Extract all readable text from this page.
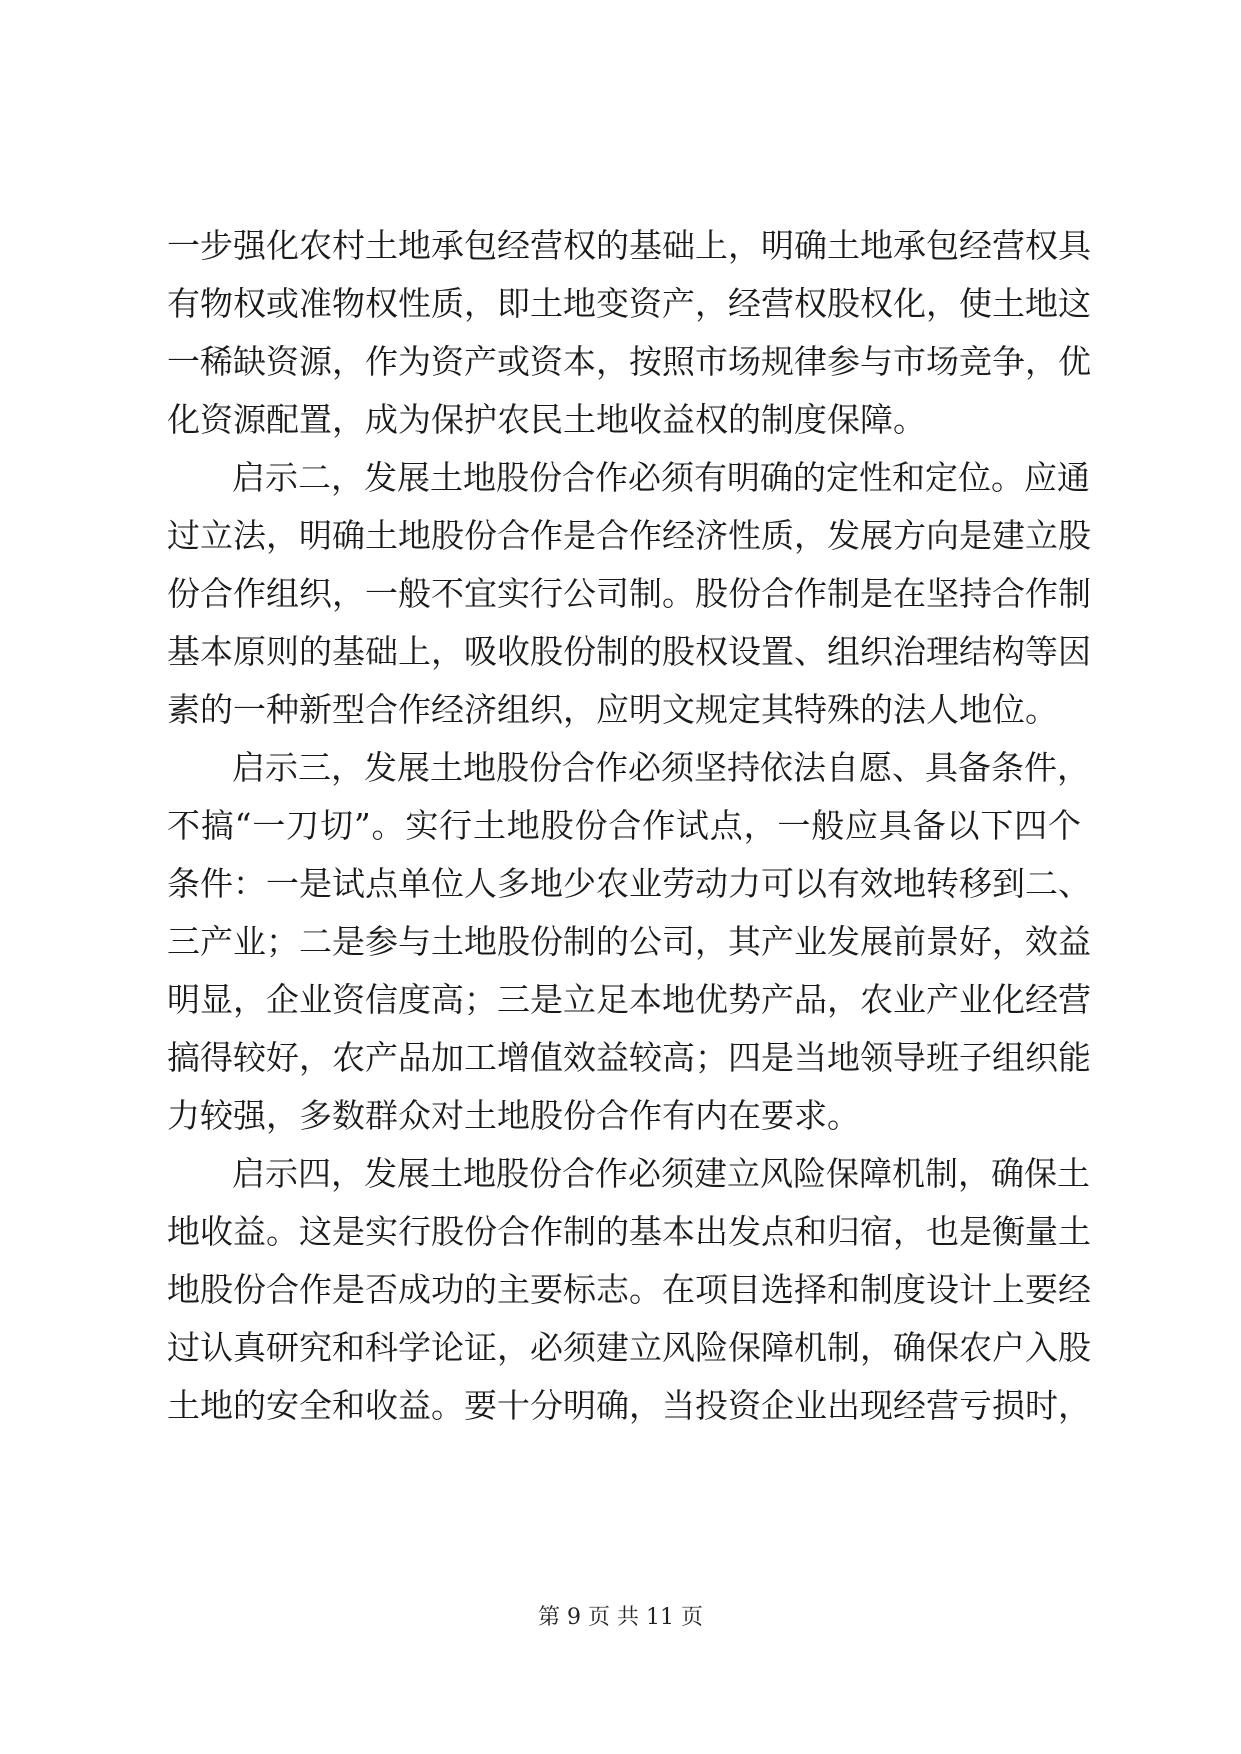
一步强化农村土地承包经营权的基础上，明确土地承包经营权具
有物权或准物权性质，即土地变资产，经营权股权化，使土地这
一稀缺资源，作为资产或资本，按照市场规律参与市场竞争，优
化资源配置，成为保护农民土地收益权的制度保障。
启示二，发展土地股份合作必须有明确的定性和定位。应通
过立法，明确土地股份合作是合作经济性质，发展方向是建立股
份合作组织，一般不宜实行公司制。股份合作制是在坚持合作制
基本原则的基础上，吸收股份制的股权设置、组织治理结构等因
素的一种新型合作经济组织，应明文规定其特殊的法人地位。
启示三，发展土地股份合作必须坚持依法自愿、具备条件，
不搞“一刀切”。实行土地股份合作试点，一般应具备以下四个
条件：一是试点单位人多地少农业劳动力可以有效地转移到二、
三产业；二是参与土地股份制的公司，其产业发展前景好，效益
明显，企业资信度高；三是立足本地优势产品，农业产业化经营
搞得较好，农产品加工增值效益较高；四是当地领导班子组织能
力较强，多数群众对土地股份合作有内在要求。
启示四，发展土地股份合作必须建立风险保障机制，确保土
地收益。这是实行股份合作制的基本出发点和归宿，也是衡量土
地股份合作是否成功的主要标志。在项目选择和制度设计上要经
过认真研究和科学论证，必须建立风险保障机制，确保农户入股
土地的安全和收益。要十分明确，当投资企业出现经营亏损时，
第 9 页 共 11 页
